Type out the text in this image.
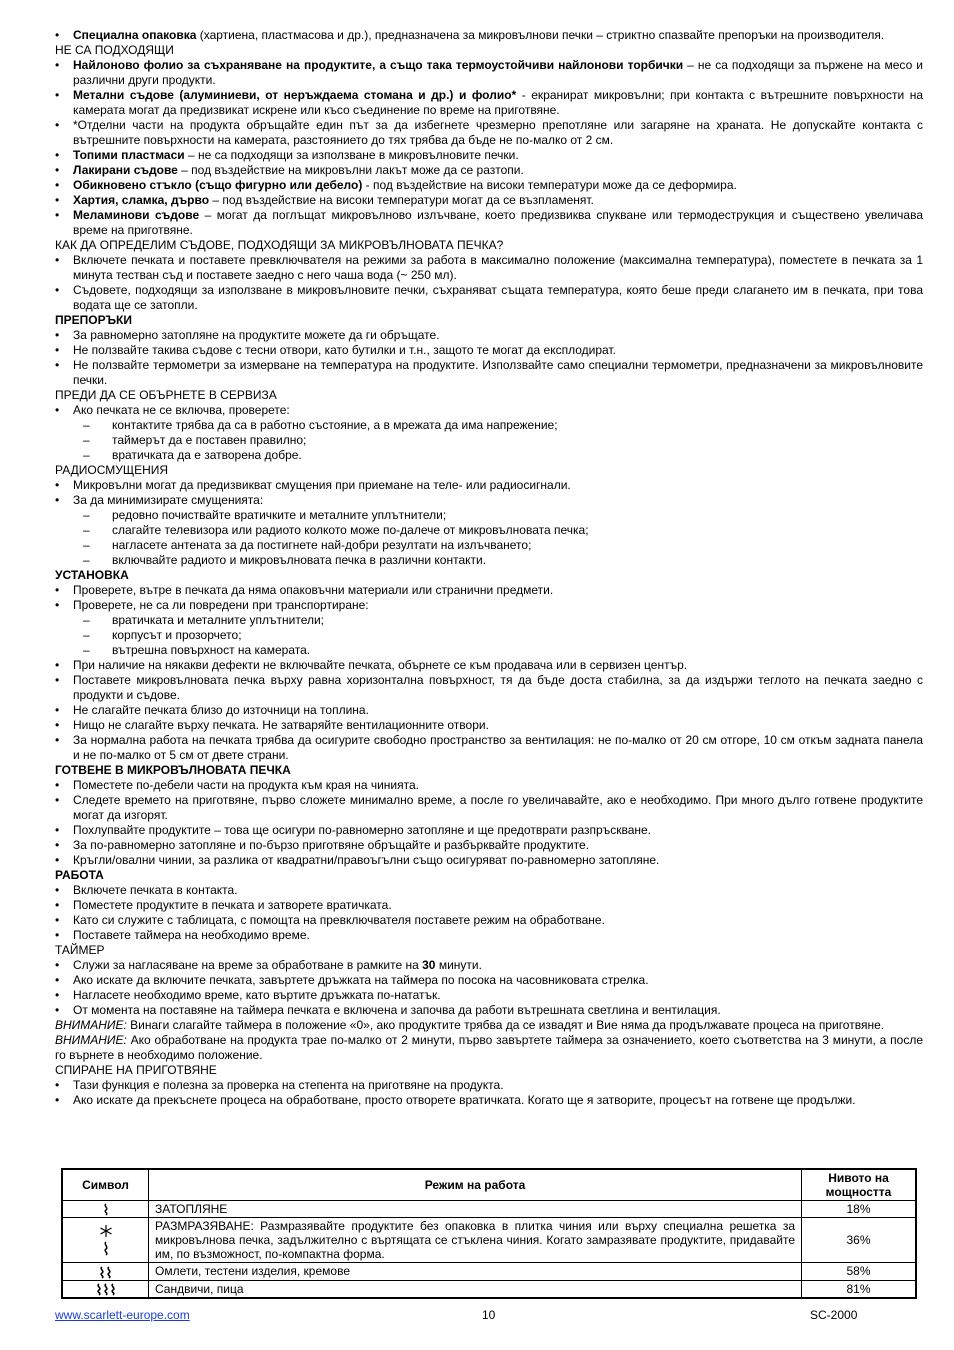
• Специална опаковка (хартиена, пластмасова и др.), предназначена за микровълнови печки – стриктно спазвайте препоръки на производителя.
НЕ СА ПОДХОДЯЩИ
• Найлоново фолио за съхраняване на продуктите, а също така термоустойчиви найлонови торбички – не са подходящи за пържене на месо и различни други продукти.
• Метални съдове (алуминиеви, от неръждаема стомана и др.) и фолио* - екранират микровълни; при контакта с вътрешните повърхности на камерата могат да предизвикат искрене или късо съединение по време на приготвяне.
• *Отделни части на продукта обръщайте един път за да избегнете чрезмерно препотляне или загаряне на храната. Не допускайте контакта с вътрешните повърхности на камерата, разстоянието до тях трябва да бъде не по-малко от 2 см.
• Топими пластмаси – не са подходящи за използване в микровълновите печки.
• Лакирани съдове – под въздействие на микровълни лакът може да се разтопи.
• Обикновено стъкло (също фигурно или дебело) - под въздействие на високи температури може да се деформира.
• Хартия, сламка, дърво – под въздействие на високи температури могат да се възпламенят.
• Меламинови съдове – могат да поглъщат микровълново излъчване, което предизвиква спукване или термодеструкция и съществено увеличава време на приготвяне.
КАК ДА ОПРЕДЕЛИМ СЪДОВЕ, ПОДХОДЯЩИ ЗА МИКРОВЪЛНОВАТА ПЕЧКА?
• Включете печката и поставете превключвателя на режими за работа в максимално положение (максимална температура), поместете в печката за 1 минута тестван съд и поставете заедно с него чаша вода (~ 250 мл).
• Съдовете, подходящи за използване в микровълновите печки, съхраняват същата температура, която беше преди слагането им в печката, при това водата ще се затопли.
ПРЕПОРЪКИ
• За равномерно затопляне на продуктите можете да ги обръщате.
• Не ползвайте такива съдове с тесни отвори, като бутилки и т.н., защото те могат да експлодират.
• Не ползвайте термометри за измерване на температура на продуктите. Използвайте само специални термометри, предназначени за микровълновите печки.
ПРЕДИ ДА СЕ ОБЪРНЕТЕ В СЕРВИЗА
• Ако печката не се включва, проверете:
– контактите трябва да са в работно състояние, а в мрежата да има напрежение;
– таймерът да е поставен правилно;
– вратичката да е затворена добре.
РАДИОСМУЩЕНИЯ
• Микровълни могат да предизвикват смущения при приемане на теле- или радиосигнали.
• За да минимизирате смущенията:
– редовно почиствайте вратичките и металните уплътнители;
– слагайте телевизора или радиото колкото може по-далече от микровълновата печка;
– нагласете антената за да постигнете най-добри резултати на излъчването;
– включвайте радиото и микровълновата печка в различни контакти.
УСТАНОВКА
• Проверете, вътре в печката да няма опаковъчни материали или странични предмети.
• Проверете, не са ли повредени при транспортиране:
– вратичката и металните уплътнители;
– корпусът и прозорчето;
– вътрешна повърхност на камерата.
• При наличие на някакви дефекти не включвайте печката, обърнете се към продавача или в сервизен център.
• Поставете микровълновата печка върху равна хоризонтална повърхност, тя да бъде доста стабилна, за да издържи теглото на печката заедно с продукти и съдове.
• Не слагайте печката близо до източници на топлина.
• Нищо не слагайте върху печката. Не затваряйте вентилационните отвори.
• За нормална работа на печката трябва да осигурите свободно пространство за вентилация: не по-малко от 20 см отгоре, 10 см откъм задната панела и не по-малко от 5 см от двете страни.
ГОТВЕНЕ В МИКРОВЪЛНОВАТА ПЕЧКА
• Поместете по-дебели части на продукта към края на чинията.
• Следете времето на приготвяне, първо сложете минимално време, а после го увеличавайте, ако е необходимо. При много дълго готвене продуктите могат да изгорят.
• Похлупвайте продуктите – това ще осигури по-равномерно затопляне и ще предотврати разпръскване.
• За по-равномерно затопляне и по-бързо приготвяне обръщайте и разбърквайте продуктите.
• Кръгли/овални чинии, за разлика от квадратни/правоъгълни също осигуряват по-равномерно затопляне.
РАБОТА
• Включете печката в контакта.
• Поместете продуктите в печката и затворете вратичката.
• Като си служите с таблицата, с помощта на превключвателя поставете режим на обработване.
• Поставете таймера на необходимо време.
ТАЙМЕР
• Служи за нагласяване на време за обработване в рамките на 30 минути.
• Ако искате да включите печката, завъртете дръжката на таймера по посока на часовниковата стрелка.
• Нагласете необходимо време, като въртите дръжката по-нататък.
• От момента на поставяне на таймера печката е включена и започва да работи вътрешната светлина и вентилация.
ВНИМАНИЕ: Винаги слагайте таймера в положение «0», ако продуктите трябва да се извадят и Вие няма да продължавате процеса на приготвяне.
ВНИМАНИЕ: Ако обработване на продукта трае по-малко от 2 минути, първо завъртете таймера за означението, което съответства на 3 минути, а после го върнете в необходимо положение.
СПИРАНЕ НА ПРИГОТВЯНЕ
• Тази функция е полезна за проверка на степента на приготвяне на продукта.
• Ако искате да прекъснете процеса на обработване, просто отворете вратичката. Когато ще я затворите, процесът на готвене ще продължи.
Символ	Режим на работа	Нивото на мощността
	ЗАТОПЛЯНЕ	18%
	РАЗМРАЗЯВАНЕ: Размразявайте продуктите без опаковка в плитка чиния или върху специална решетка за микровълнова печка, задължително с въртящата се стъклена чиния. Когато замразявате продуктите, придавайте им, по възможност, по-компактна форма.	36%
	Омлети, тестени изделия, кремове	58%
	Сандвичи, пица	81%
www.scarlett-europe.com	10	SC-2000
